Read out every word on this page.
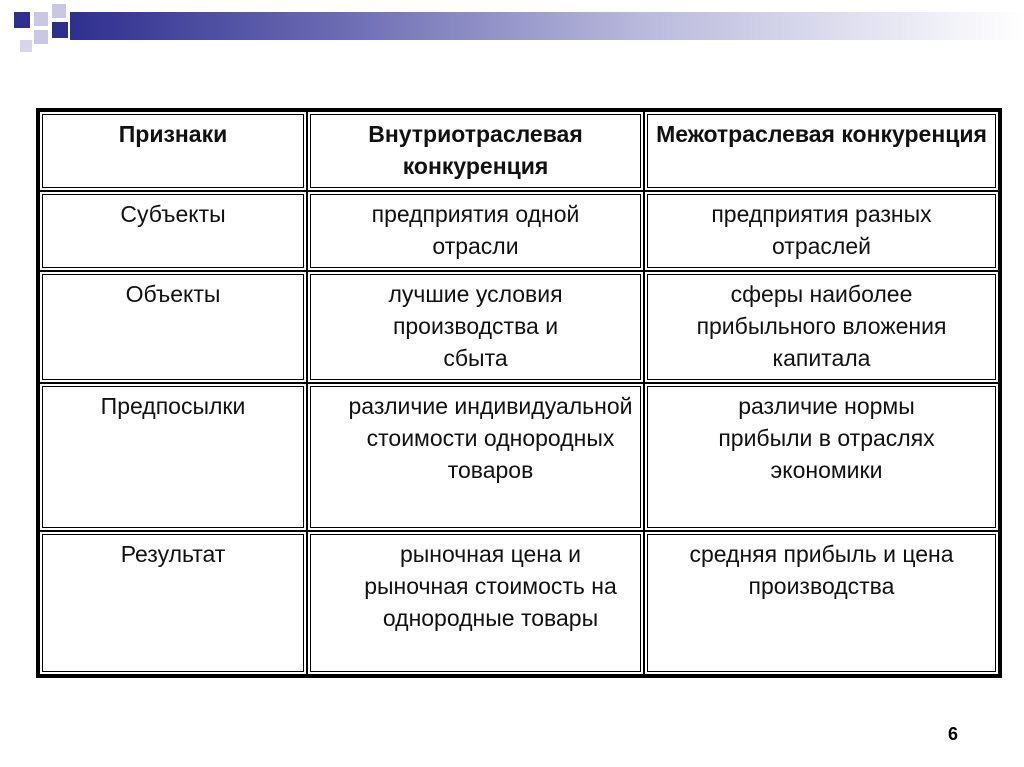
Признаки	Внутриотраслевая конкуренция	Межотраслевая конкуренция
Субъекты	предприятия одной отрасли	предприятия разных отраслей
Объекты	лучшие условия производства и сбыта	сферы наиболее прибыльного вложения капитала
Предпосылки	различие индивидуальной стоимости однородных товаров	различие нормы прибыли в отраслях экономики
Результат	рыночная цена и рыночная стоимость на однородные товары	средняя прибыль и цена производства
6
